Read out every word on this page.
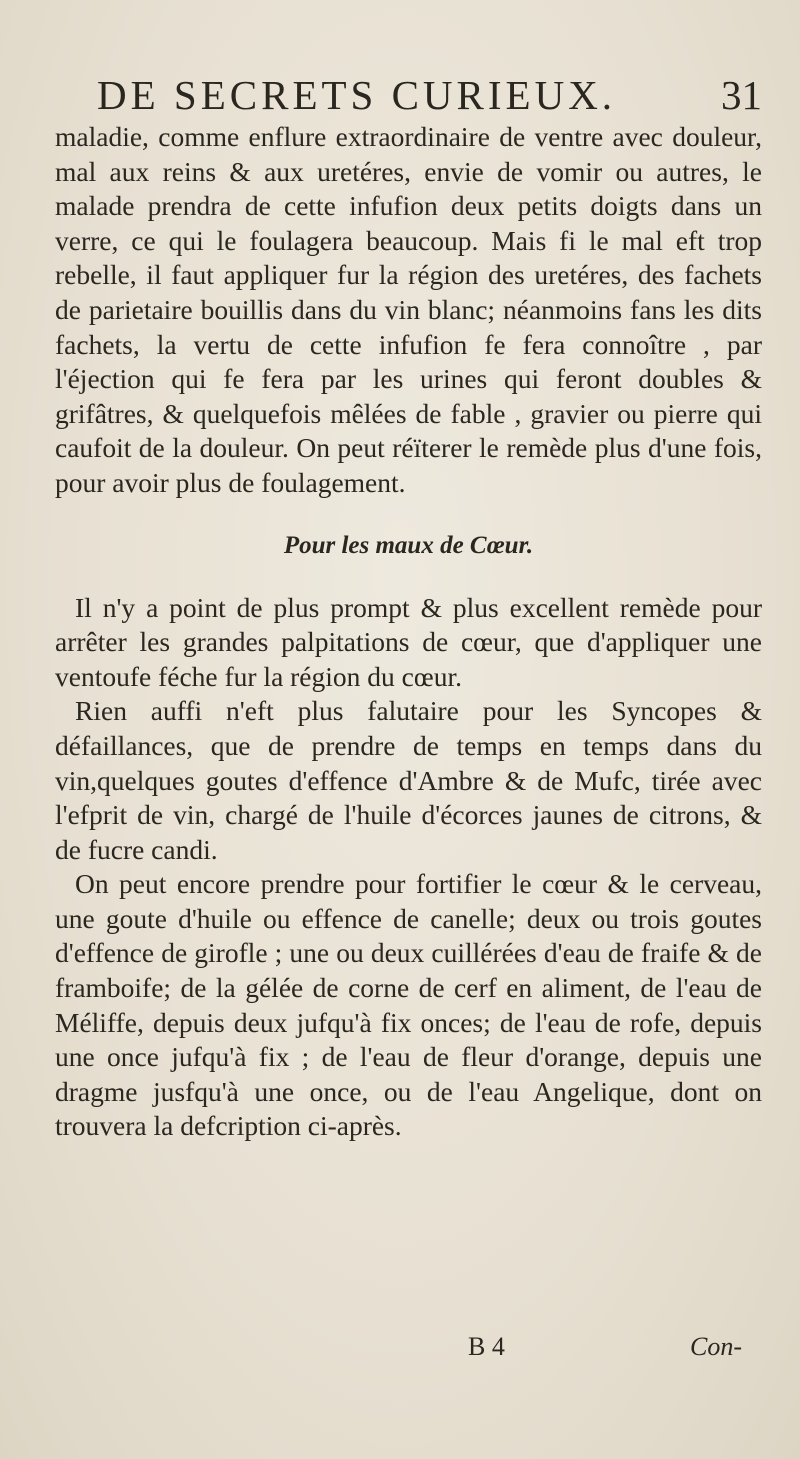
DE SECRETS CURIEUX.	31

maladie, comme enflure extraordinaire de ventre avec douleur, mal aux reins & aux uretéres, envie de vomir ou autres, le malade prendra de cette infufion deux petits doigts dans un verre, ce qui le foulagera beaucoup. Mais fi le mal eft trop rebelle, il faut appliquer fur la région des uretéres, des fachets de parietaire bouillis dans du vin blanc; néanmoins fans les dits fachets, la vertu de cette infufion fe fera connoître , par l'éjection qui fe fera par les urines qui feront doubles & grifâtres, & quelquefois mêlées de fable , gravier ou pierre qui caufoit de la douleur. On peut réïterer le remède plus d'une fois, pour avoir plus de foulagement.

Pour les maux de Cœur.

Il n'y a point de plus prompt & plus excellent remède pour arrêter les grandes palpitations de cœur, que d'appliquer une ventoufe féche fur la région du cœur.

Rien auffi n'eft plus falutaire pour les Syncopes & défaillances, que de prendre de temps en temps dans du vin,quelques goutes d'effence d'Ambre & de Mufc, tirée avec l'efprit de vin, chargé de l'huile d'écorces jaunes de citrons, & de fucre candi.

On peut encore prendre pour fortifier le cœur & le cerveau, une goute d'huile ou effence de canelle; deux ou trois goutes d'effence de girofle ; une ou deux cuillérées d'eau de fraife & de framboife; de la gélée de corne de cerf en aliment, de l'eau de Méliffe, depuis deux jufqu'à fix onces; de l'eau de rofe, depuis une once jufqu'à fix ; de l'eau de fleur d'orange, depuis une dragme jusfqu'à une once, ou de l'eau Angelique, dont on trouvera la defcription ci-après.

B 4	Con-
